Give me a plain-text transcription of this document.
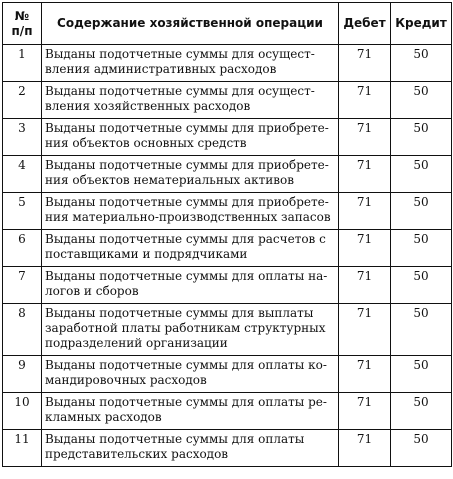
№
п/п	Содержание хозяйственной операции	Дебет	Кредит
1	Выданы подотчетные суммы для осущест-
вления административных расходов	71	50
2	Выданы подотчетные суммы для осущест-
вления хозяйственных расходов	71	50
3	Выданы подотчетные суммы для приобрете-
ния объектов основных средств	71	50
4	Выданы подотчетные суммы для приобрете-
ния объектов нематериальных активов	71	50
5	Выданы подотчетные суммы для приобрете-
ния материально-производственных запасов	71	50
6	Выданы подотчетные суммы для расчетов с
поставщиками и подрядчиками	71	50
7	Выданы подотчетные суммы для оплаты на-
логов и сборов	71	50
8	Выданы подотчетные суммы для выплаты
заработной платы работникам структурных
подразделений организации	71	50
9	Выданы подотчетные суммы для оплаты ко-
мандировочных расходов	71	50
10	Выданы подотчетные суммы для оплаты ре-
кламных расходов	71	50
11	Выданы подотчетные суммы для оплаты
представительских расходов	71	50
